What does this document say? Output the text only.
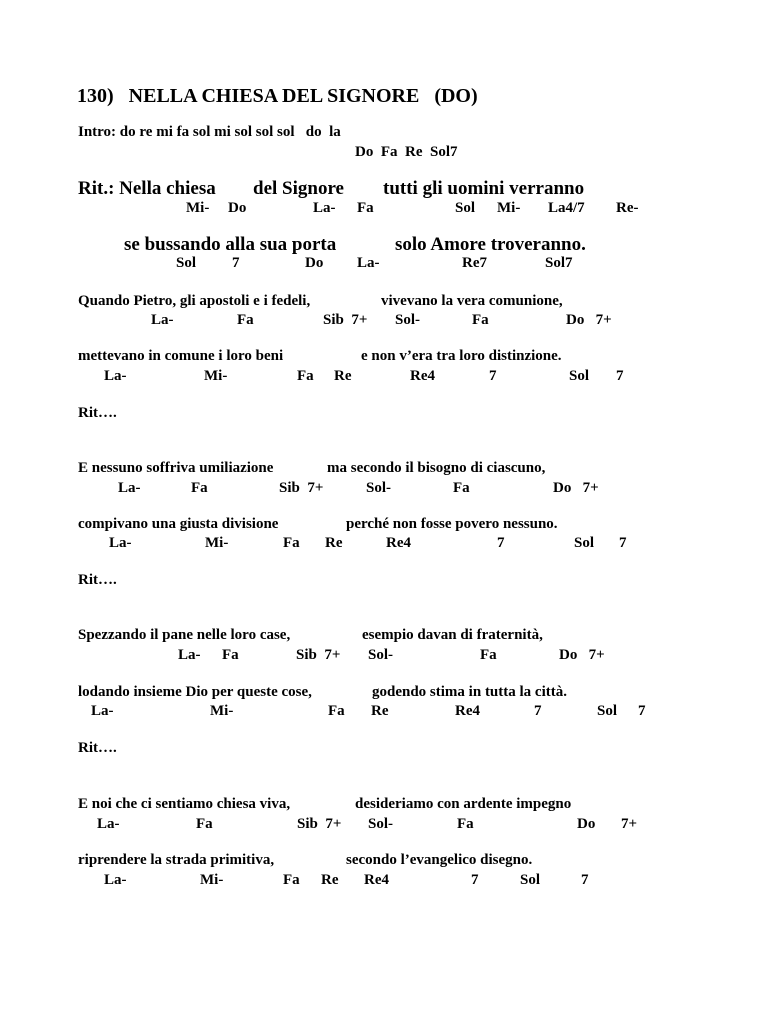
130)   NELLA CHIESA DEL SIGNORE   (DO)
Intro: do re mi fa sol mi sol sol sol   do  la
Do  Fa  Re  Sol7
Rit.: Nella chiesa del Signore tutti gli uomini verranno
Mi- Do	La- Fa	Sol Mi- La4/7 Re-
se bussando alla sua porta	solo Amore troveranno.
Sol 7	Do La-	Re7	Sol7
Quando Pietro, gli apostoli e i fedeli,	vivevano la vera comunione,
La-	Fa	Sib  7+ Sol-	Fa	Do   7+
mettevano in comune i loro beni	e non v’era tra loro distinzione.
La-	Mi-	Fa Re	Re4	7	Sol 7
Rit….
E nessuno soffriva umiliazione	ma secondo il bisogno di ciascuno,
La-	Fa	Sib  7+	Sol-	Fa	Do   7+
compivano una giusta divisione	perché non fosse povero nessuno.
La-	Mi-	Fa Re	Re4	7	Sol 7
Rit….
Spezzando il pane nelle loro case,	esempio davan di fraternità,
La- Fa	Sib  7+ Sol-	Fa	Do   7+
lodando insieme Dio per queste cose,	godendo stima in tutta la città.
La-	Mi-	Fa Re	Re4	7	Sol 7
Rit….
E noi che ci sentiamo chiesa viva,	desideriamo con ardente impegno
La-	Fa	Sib  7+ Sol-	Fa	Do 7+
riprendere la strada primitiva,	secondo l’evangelico disegno.
La-	Mi-	Fa Re Re4	7	Sol	7
